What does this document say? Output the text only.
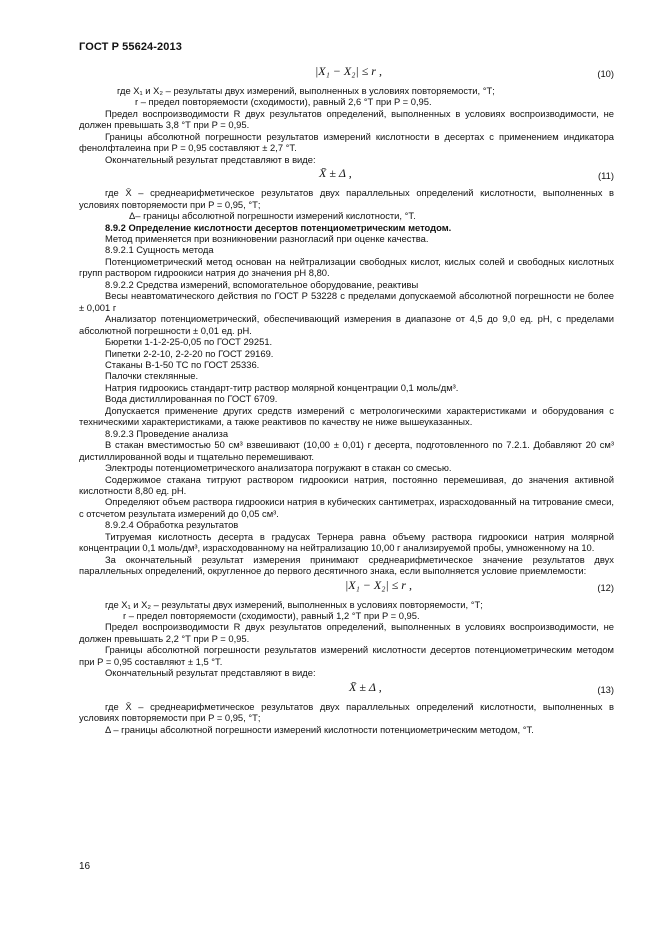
ГОСТ Р 55624-2013
|X₁ − X₂| ≤ r ,	(10)

где X₁ и X₂ – результаты двух измерений, выполненных в условиях повторяемости, °Т;

r – предел повторяемости (сходимости), равный 2,6 °Т при P = 0,95.

Предел воспроизводимости R двух результатов определений, выполненных в условиях воспроизводимости, не должен превышать 3,8 °Т при P = 0,95.

Границы абсолютной погрешности результатов измерений кислотности в десертах с применением индикатора фенолфталеина при P = 0,95 составляют ± 2,7 °Т.

Окончательный результат представляют в виде:

X̄ ± Δ ,	(11)

где X̄ – среднеарифметическое результатов двух параллельных определений кислотности, выполненных в условиях повторяемости при P = 0,95, °Т;

Δ– границы абсолютной погрешности измерений кислотности, °Т.

8.9.2 Определение кислотности десертов потенциометрическим методом.

Метод применяется при возникновении разногласий при оценке качества.

8.9.2.1 Сущность метода

Потенциометрический метод основан на нейтрализации свободных кислот, кислых солей и свободных кислотных групп раствором гидроокиси натрия до значения рН 8,80.

8.9.2.2 Средства измерений, вспомогательное оборудование, реактивы

Весы неавтоматического действия по ГОСТ Р 53228 с пределами допускаемой абсолютной погрешности не более ± 0,001 г

Анализатор потенциометрический, обеспечивающий измерения в диапазоне от 4,5 до 9,0 ед. рН, с пределами абсолютной погрешности ± 0,01 ед. рН.

Бюретки 1-1-2-25-0,05 по ГОСТ 29251.

Пипетки 2-2-10, 2-2-20 по ГОСТ 29169.

Стаканы В-1-50 ТС по ГОСТ 25336.

Палочки стеклянные.

Натрия гидроокись стандарт-титр раствор молярной концентрации 0,1 моль/дм³.

Вода дистиллированная по ГОСТ 6709.

Допускается применение других средств измерений с метрологическими характеристиками и оборудования с техническими характеристиками, а также реактивов по качеству не ниже вышеуказанных.

8.9.2.3 Проведение анализа

В стакан вместимостью 50 см³ взвешивают (10,00 ± 0,01) г десерта, подготовленного по 7.2.1. Добавляют 20 см³ дистиллированной воды и тщательно перемешивают.

Электроды потенциометрического анализатора погружают в стакан со смесью.

Содержимое стакана титруют раствором гидроокиси натрия, постоянно перемешивая, до значения активной кислотности 8,80 ед. рН.

Определяют объем раствора гидроокиси натрия в кубических сантиметрах, израсходованный на титрование смеси, с отсчетом результата измерений до 0,05 см³.

8.9.2.4 Обработка результатов

Титруемая кислотность десерта в градусах Тернера равна объему раствора гидроокиси натрия молярной концентрации 0,1 моль/дм³, израсходованному на нейтрализацию 10,00 г анализируемой пробы, умноженному на 10.

За окончательный результат измерения принимают среднеарифметическое значение результатов двух параллельных определений, округленное до первого десятичного знака, если выполняется условие приемлемости:

|X₁ − X₂| ≤ r ,	(12)

где X₁ и X₂ – результаты двух измерений, выполненных в условиях повторяемости, °Т;

r – предел повторяемости (сходимости), равный 1,2 °Т при P = 0,95.

Предел воспроизводимости R двух результатов определений, выполненных в условиях воспроизводимости, не должен превышать 2,2 °Т при P = 0,95.

Границы абсолютной погрешности результатов измерений кислотности десертов потенциометрическим методом при P = 0,95 составляют ± 1,5 °Т.

Окончательный результат представляют в виде:

X̄ ± Δ ,	(13)

где X̄ – среднеарифметическое результатов двух параллельных определений кислотности, выполненных в условиях повторяемости при P = 0,95, °Т;

Δ – границы абсолютной погрешности измерений кислотности потенциометрическим методом, °Т.

16
